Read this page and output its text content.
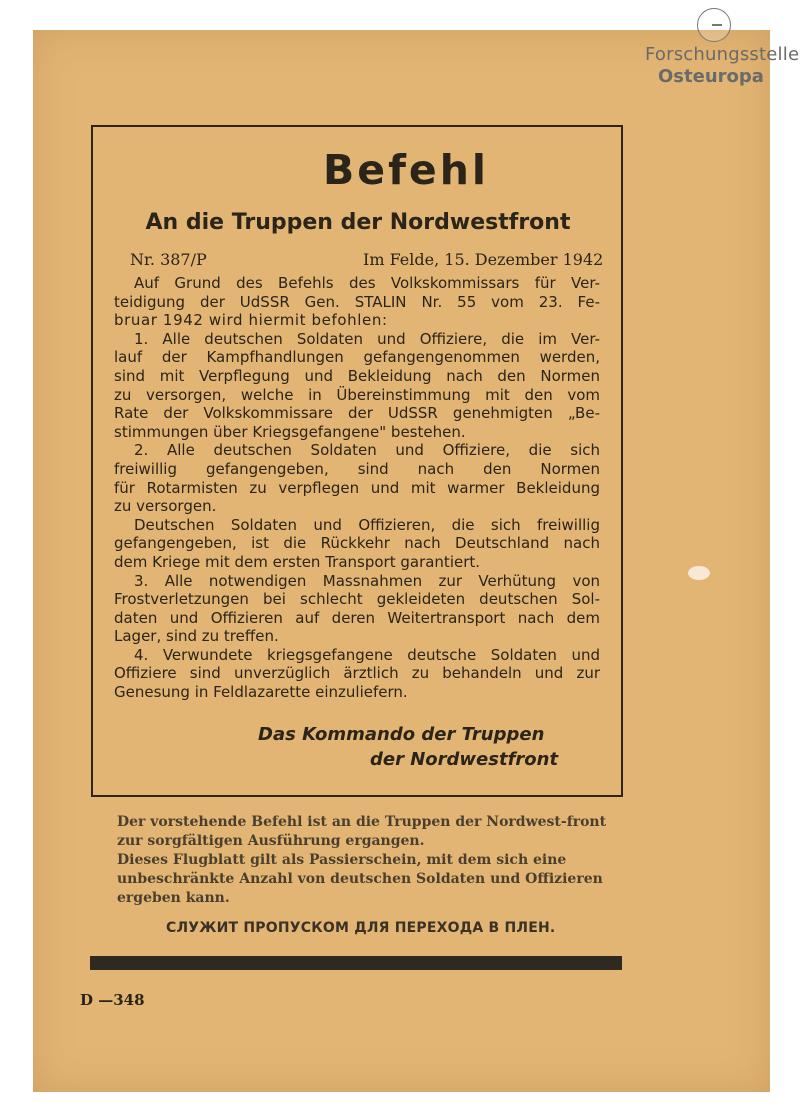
Forschungsstelle
Osteuropa
Befehl
An die Truppen der Nordwestfront
Nr. 387/P	Im Felde, 15. Dezember 1942
Auf Grund des Befehls des Volkskommissars für Ver-
teidigung der UdSSR Gen. STALIN Nr. 55 vom 23. Fe-
bruar 1942 wird hiermit befohlen:
1. Alle deutschen Soldaten und Offiziere, die im Ver-
lauf der Kampfhandlungen gefangengenommen werden,
sind mit Verpflegung und Bekleidung nach den Normen
zu versorgen, welche in Übereinstimmung mit den vom
Rate der Volkskommissare der UdSSR genehmigten „Be-
stimmungen über Kriegsgefangene" bestehen.
2. Alle deutschen Soldaten und Offiziere, die sich
freiwillig gefangengeben, sind nach den Normen
für Rotarmisten zu verpflegen und mit warmer Bekleidung
zu versorgen.
Deutschen Soldaten und Offizieren, die sich freiwillig
gefangengeben, ist die Rückkehr nach Deutschland nach
dem Kriege mit dem ersten Transport garantiert.
3. Alle notwendigen Massnahmen zur Verhütung von
Frostverletzungen bei schlecht gekleideten deutschen Sol-
daten und Offizieren auf deren Weitertransport nach dem
Lager, sind zu treffen.
4. Verwundete kriegsgefangene deutsche Soldaten und
Offiziere sind unverzüglich ärztlich zu behandeln und zur
Genesung in Feldlazarette einzuliefern.
Das Kommando der Truppen
der Nordwestfront
Der vorstehende Befehl ist an die Truppen der Nordwest-front zur sorgfältigen Ausführung ergangen.
Dieses Flugblatt gilt als Passierschein, mit dem sich eine unbeschränkte Anzahl von deutschen Soldaten und Offizieren ergeben kann.
СЛУЖИТ ПРОПУСКОМ ДЛЯ ПЕРЕХОДА В ПЛЕН.
D —348
